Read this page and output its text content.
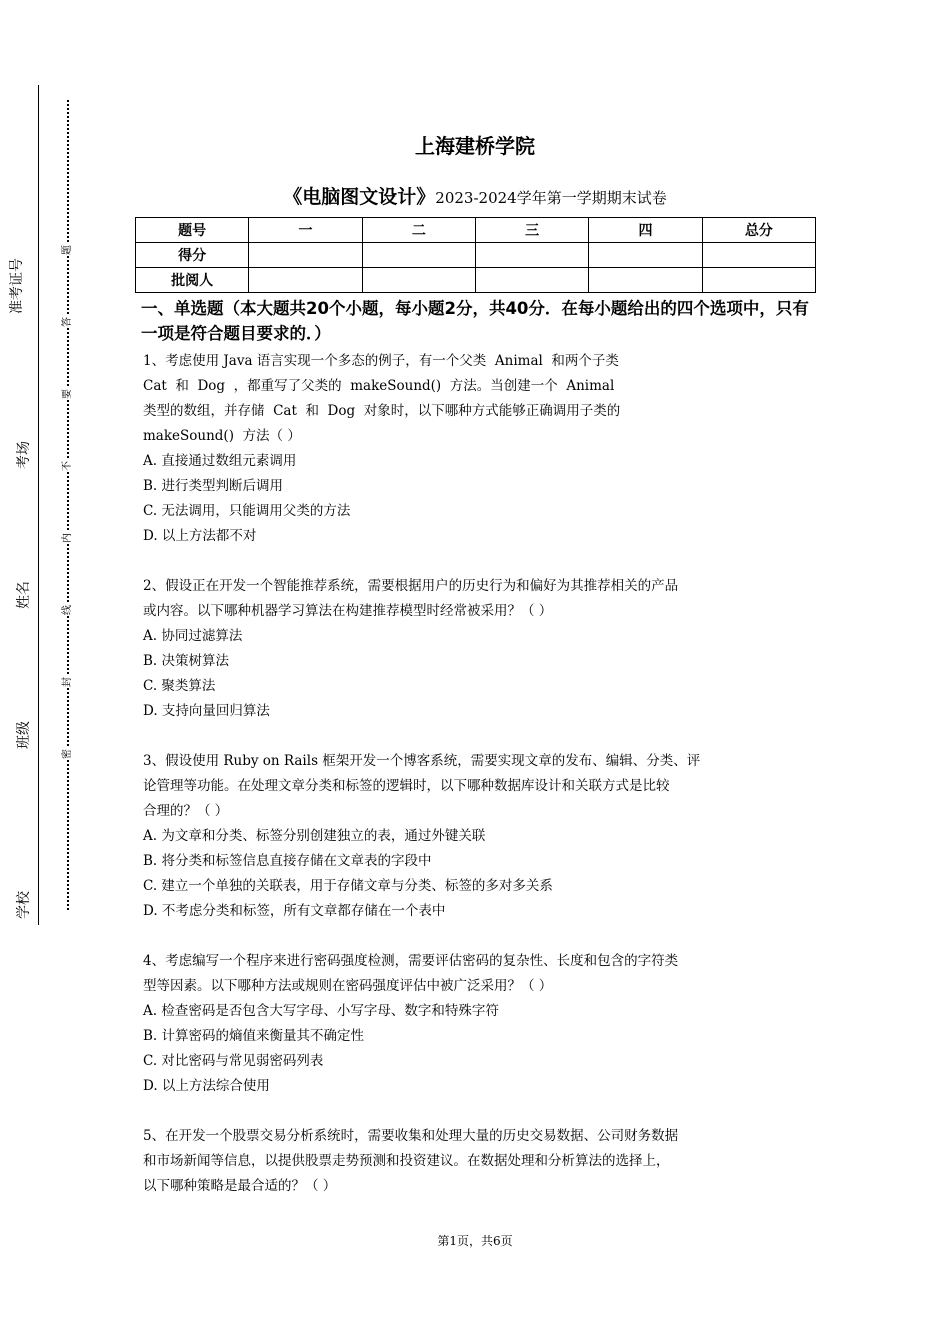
准考证号
考场
姓名
班级
学校
题
答
要
不
内
线
封
密
上海建桥学院
《电脑图文设计》2023-2024学年第一学期期末试卷
题号	一	二	三	四	总分
得分					
批阅人					
一、单选题（本大题共20个小题，每小题2分，共40分．在每小题给出的四个选项中，只有一项是符合题目要求的．）

1、考虑使用 Java 语言实现一个多态的例子，有一个父类  Animal  和两个子类

Cat  和  Dog  ，都重写了父类的  makeSound()  方法。当创建一个  Animal

类型的数组，并存储  Cat  和  Dog  对象时，以下哪种方式能够正确调用子类的

makeSound()  方法（ ）

A. 直接通过数组元素调用

B. 进行类型判断后调用

C. 无法调用，只能调用父类的方法

D. 以上方法都不对

2、假设正在开发一个智能推荐系统，需要根据用户的历史行为和偏好为其推荐相关的产品

或内容。以下哪种机器学习算法在构建推荐模型时经常被采用？（ ）

A. 协同过滤算法

B. 决策树算法

C. 聚类算法

D. 支持向量回归算法

3、假设使用 Ruby on Rails 框架开发一个博客系统，需要实现文章的发布、编辑、分类、评

论管理等功能。在处理文章分类和标签的逻辑时，以下哪种数据库设计和关联方式是比较

合理的？（ ）

A. 为文章和分类、标签分别创建独立的表，通过外键关联

B. 将分类和标签信息直接存储在文章表的字段中

C. 建立一个单独的关联表，用于存储文章与分类、标签的多对多关系

D. 不考虑分类和标签，所有文章都存储在一个表中

4、考虑编写一个程序来进行密码强度检测，需要评估密码的复杂性、长度和包含的字符类

型等因素。以下哪种方法或规则在密码强度评估中被广泛采用？（ ）

A. 检查密码是否包含大写字母、小写字母、数字和特殊字符

B. 计算密码的熵值来衡量其不确定性

C. 对比密码与常见弱密码列表

D. 以上方法综合使用

5、在开发一个股票交易分析系统时，需要收集和处理大量的历史交易数据、公司财务数据

和市场新闻等信息，以提供股票走势预测和投资建议。在数据处理和分析算法的选择上，

以下哪种策略是最合适的？（ ）

第1页，共6页
